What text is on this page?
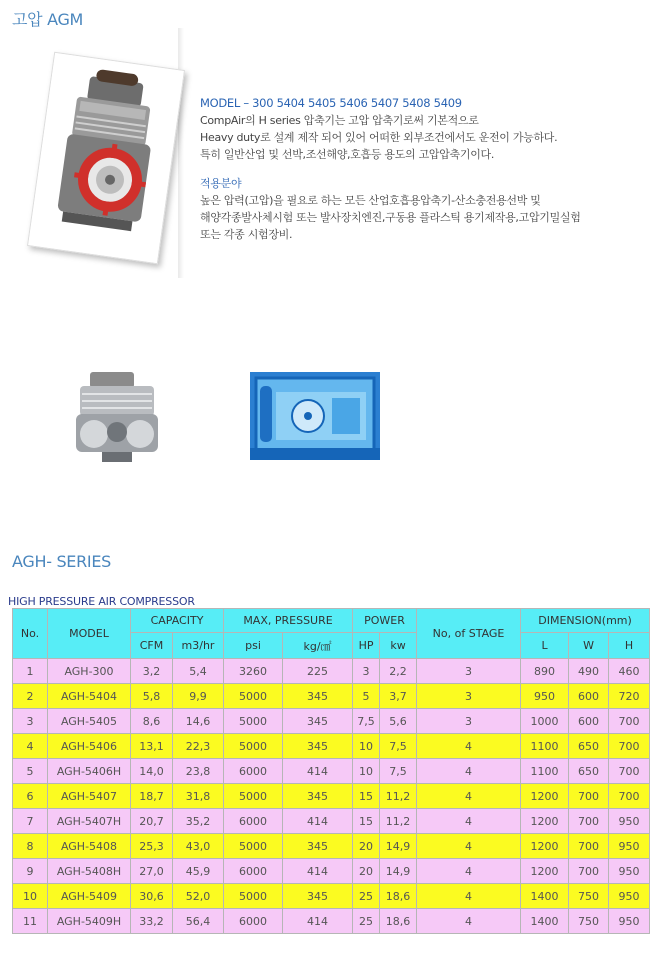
고압 AGM
MODEL – 300 5404 5405 5406 5407 5408 5409
CompAir의 H series 압축기는 고압 압축기로써 기본적으로
Heavy duty로 설계 제작 되어 있어 어떠한 외부조건에서도 운전이 가능하다.
특히 일반산업 및 선박,조선해양,호흡등 용도의 고압압축기이다.
적용분야
높은 압력(고압)을 필요로 하는 모든 산업호흡용압축기-산소충전용선박 및
해양각종발사체시험 또는 발사장치엔진,구동용 플라스틱 용기제작용,고압기밀실험
또는 각종 시험장비.
AGH- SERIES
HIGH PRESSURE AIR COMPRESSOR
No.	MODEL	CAPACITY		MAX, PRESSURE		POWER		No, of STAGE	DIMENSION(mm)		
		CFM	m3/hr	psi	kg/㎠	HP	kw		L	W	H
1	AGH-300	3,2	5,4	3260	225	3	2,2	3	890	490	460
2	AGH-5404	5,8	9,9	5000	345	5	3,7	3	950	600	720
3	AGH-5405	8,6	14,6	5000	345	7,5	5,6	3	1000	600	700
4	AGH-5406	13,1	22,3	5000	345	10	7,5	4	1100	650	700
5	AGH-5406H	14,0	23,8	6000	414	10	7,5	4	1100	650	700
6	AGH-5407	18,7	31,8	5000	345	15	11,2	4	1200	700	700
7	AGH-5407H	20,7	35,2	6000	414	15	11,2	4	1200	700	950
8	AGH-5408	25,3	43,0	5000	345	20	14,9	4	1200	700	950
9	AGH-5408H	27,0	45,9	6000	414	20	14,9	4	1200	700	950
10	AGH-5409	30,6	52,0	5000	345	25	18,6	4	1400	750	950
11	AGH-5409H	33,2	56,4	6000	414	25	18,6	4	1400	750	950
